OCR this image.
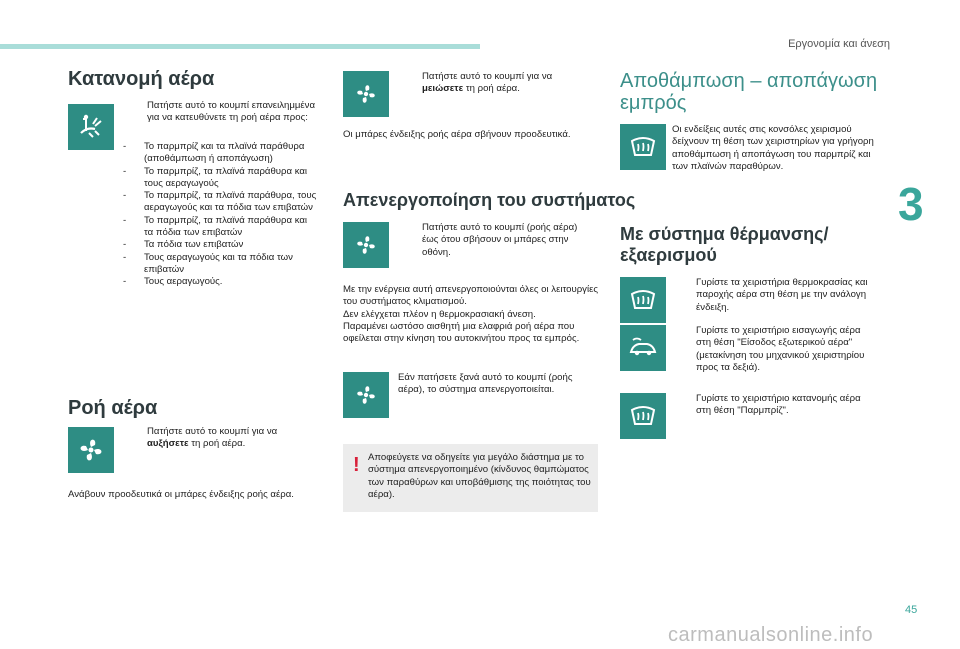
Εργονομία και άνεση
Κατανομή αέρα
Πατήστε αυτό το κουμπί επανειλημμένα για να κατευθύνετε τη ροή αέρα προς:
- Το παρμπρίζ και τα πλαϊνά παράθυρα (αποθάμπωση ή αποπάγωση)
- Το παρμπρίζ, τα πλαϊνά παράθυρα και τους αεραγωγούς
- Το παρμπρίζ, τα πλαϊνά παράθυρα, τους αεραγωγούς και τα πόδια των επιβατών
- Το παρμπρίζ, τα πλαϊνά παράθυρα και τα πόδια των επιβατών
- Τα πόδια των επιβατών
- Τους αεραγωγούς και τα πόδια των επιβατών
- Τους αεραγωγούς.
Ροή αέρα
Πατήστε αυτό το κουμπί για να αυξήσετε τη ροή αέρα.
Ανάβουν προοδευτικά οι μπάρες ένδειξης ροής αέρα.
Πατήστε αυτό το κουμπί για να μειώσετε τη ροή αέρα.
Οι μπάρες ένδειξης ροής αέρα σβήνουν προοδευτικά.
Απενεργοποίηση του συστήματος
Πατήστε αυτό το κουμπί (ροής αέρα) έως ότου σβήσουν οι μπάρες στην οθόνη.
Με την ενέργεια αυτή απενεργοποιούνται όλες οι λειτουργίες του συστήματος κλιματισμού.
Δεν ελέγχεται πλέον η θερμοκρασιακή άνεση.
Παραμένει ωστόσο αισθητή μια ελαφριά ροή αέρα που οφείλεται στην κίνηση του αυτοκινήτου προς τα εμπρός.
Εάν πατήσετε ξανά αυτό το κουμπί (ροής αέρα), το σύστημα απενεργοποιείται.
! Αποφεύγετε να οδηγείτε για μεγάλο διάστημα με το σύστημα απενεργοποιημένο (κίνδυνος θαμπώματος των παραθύρων και υποβάθμισης της ποιότητας του αέρα).
Αποθάμπωση – αποπάγωση εμπρός
Οι ενδείξεις αυτές στις κονσόλες χειρισμού δείχνουν τη θέση των χειριστηρίων για γρήγορη αποθάμπωση ή αποπάγωση του παρμπρίζ και των πλαϊνών παραθύρων.
Με σύστημα θέρμανσης/ εξαερισμού
Γυρίστε τα χειριστήρια θερμοκρασίας και παροχής αέρα στη θέση με την ανάλογη ένδειξη.
Γυρίστε το χειριστήριο εισαγωγής αέρα στη θέση "Είσοδος εξωτερικού αέρα" (μετακίνηση του μηχανικού χειριστηρίου προς τα δεξιά).
Γυρίστε το χειριστήριο κατανομής αέρα στη θέση "Παρμπρίζ".
3
45
carmanualsonline.info
